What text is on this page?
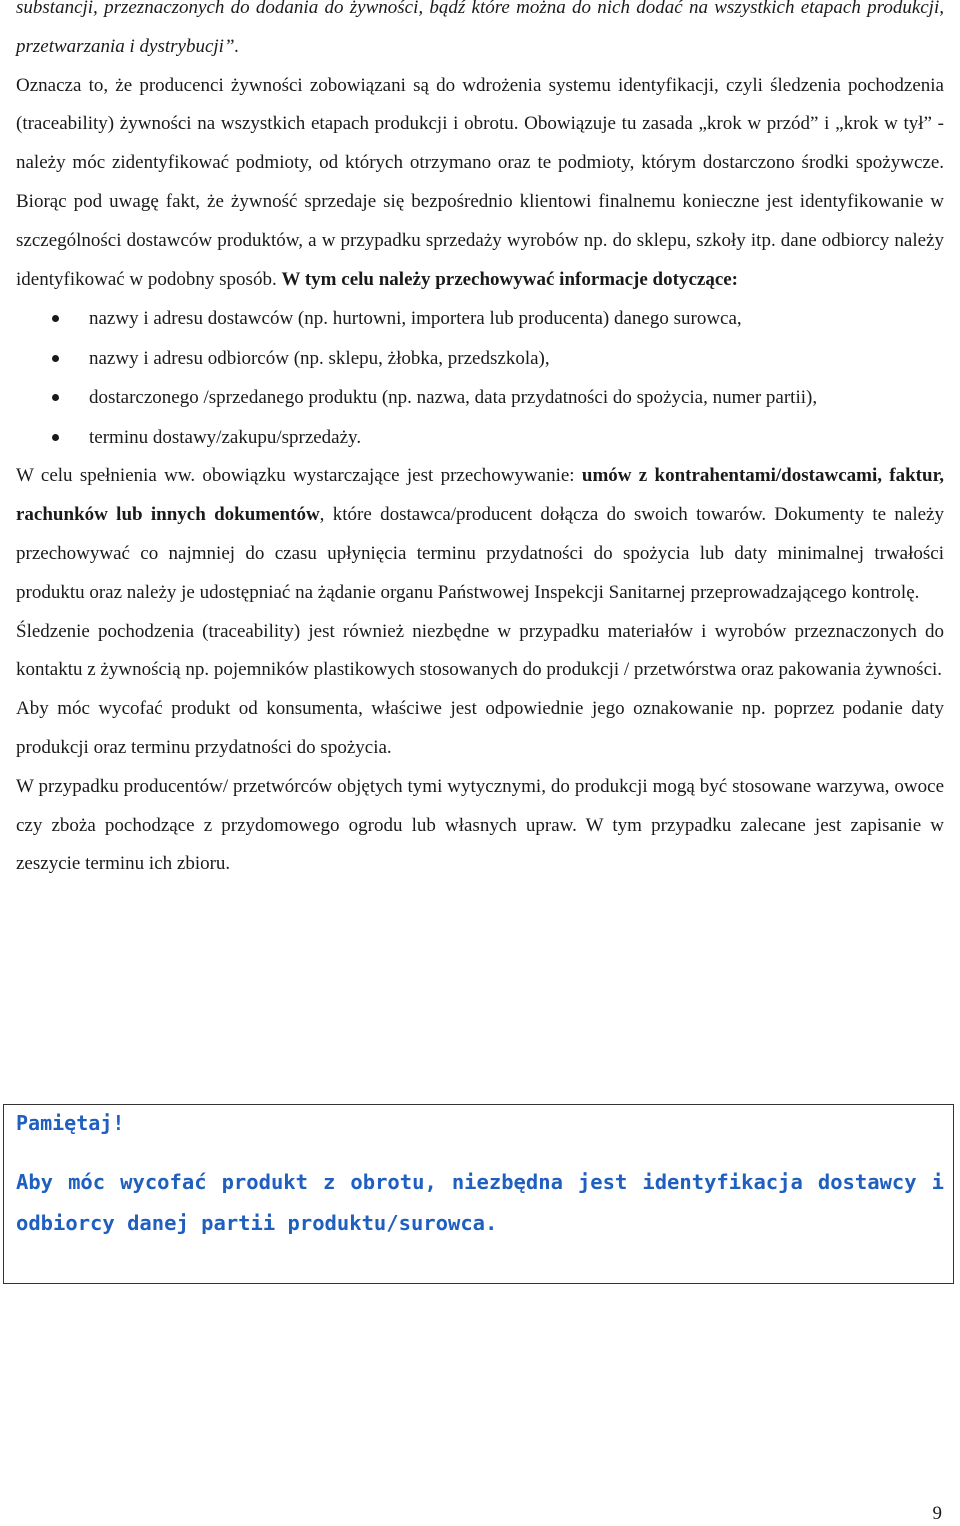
substancji, przeznaczonych do dodania do żywności, bądź które można do nich dodać na wszystkich etapach produkcji, przetwarzania i dystrybucji”.

Oznacza to, że producenci żywności zobowiązani są do wdrożenia systemu identyfikacji, czyli śledzenia pochodzenia (traceability) żywności na wszystkich etapach produkcji i obrotu. Obowiązuje tu zasada „krok w przód” i „krok w tył” - należy móc zidentyfikować podmioty, od których otrzymano oraz te podmioty, którym dostarczono środki spożywcze. Biorąc pod uwagę fakt, że żywność sprzedaje się bezpośrednio klientowi finalnemu konieczne jest identyfikowanie w szczególności dostawców produktów, a w przypadku sprzedaży wyrobów np. do sklepu, szkoły itp. dane odbiorcy należy identyfikować w podobny sposób. W tym celu należy przechowywać informacje dotyczące:

nazwy i adresu dostawców (np. hurtowni, importera lub producenta) danego surowca,
nazwy i adresu odbiorców (np. sklepu, żłobka, przedszkola),
dostarczonego /sprzedanego produktu (np. nazwa, data przydatności do spożycia, numer partii),
terminu dostawy/zakupu/sprzedaży.

W celu spełnienia ww. obowiązku wystarczające jest przechowywanie: umów z kontrahentami/dostawcami, faktur, rachunków lub innych dokumentów, które dostawca/producent dołącza do swoich towarów. Dokumenty te należy przechowywać co najmniej do czasu upłynięcia terminu przydatności do spożycia lub daty minimalnej trwałości produktu oraz należy je udostępniać na żądanie organu Państwowej Inspekcji Sanitarnej przeprowadzającego kontrolę.

Śledzenie pochodzenia (traceability) jest również niezbędne w przypadku materiałów i wyrobów przeznaczonych do kontaktu z żywnością np. pojemników plastikowych stosowanych do produkcji / przetwórstwa oraz pakowania żywności.

Aby móc wycofać produkt od konsumenta, właściwe jest odpowiednie jego oznakowanie np. poprzez podanie daty produkcji oraz terminu przydatności do spożycia.

W przypadku producentów/ przetwórców objętych tymi wytycznymi, do produkcji mogą być stosowane warzywa, owoce czy zboża pochodzące z przydomowego ogrodu lub własnych upraw. W tym przypadku zalecane jest zapisanie w zeszycie terminu ich zbioru.

Pamiętaj!
Aby móc wycofać produkt z obrotu, niezbędna jest identyfikacja dostawcy i odbiorcy danej partii produktu/surowca.
9
